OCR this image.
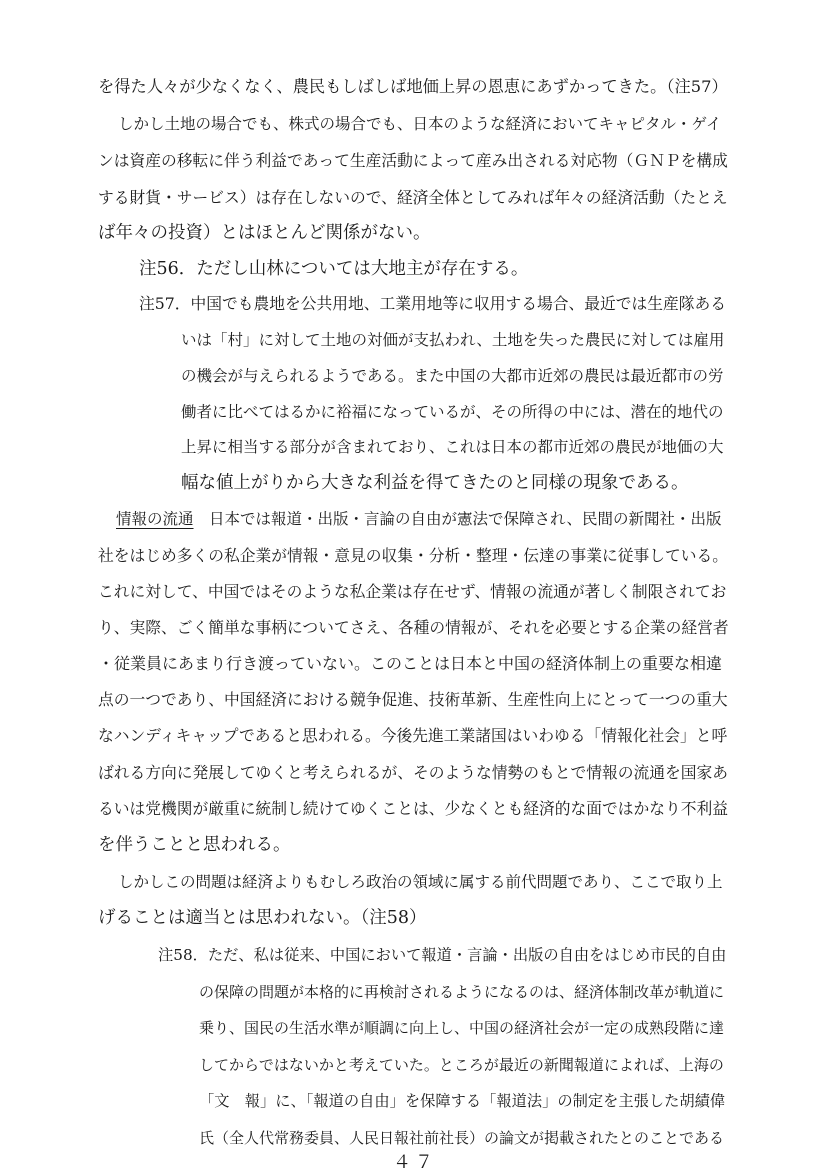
を得た人々が少なくなく、農民もしばしば地価上昇の恩恵にあずかってきた。（注57）
しかし土地の場合でも、株式の場合でも、日本のような経済においてキャピタル・ゲイ
ンは資産の移転に伴う利益であって生産活動によって産み出される対応物（ＧＮＰを構成
する財貨・サービス）は存在しないので、経済全体としてみれば年々の経済活動（たとえ
ば年々の投資）とはほとんど関係がない。
注56．ただし山林については大地主が存在する。
注57．中国でも農地を公共用地、工業用地等に収用する場合、最近では生産隊ある
いは「村」に対して土地の対価が支払われ、土地を失った農民に対しては雇用
の機会が与えられるようである。また中国の大都市近郊の農民は最近都市の労
働者に比べてはるかに裕福になっているが、その所得の中には、潜在的地代の
上昇に相当する部分が含まれており、これは日本の都市近郊の農民が地価の大
幅な値上がりから大きな利益を得てきたのと同様の現象である。
情報の流通　 日本では報道・出版・言論の自由が憲法で保障され、民間の新聞社・出版
社をはじめ多くの私企業が情報・意見の収集・分析・整理・伝達の事業に従事している。
これに対して、中国ではそのような私企業は存在せず、情報の流通が著しく制限されてお
り、実際、ごく簡単な事柄についてさえ、各種の情報が、それを必要とする企業の経営者
・従業員にあまり行き渡っていない。このことは日本と中国の経済体制上の重要な相違
点の一つであり、中国経済における競争促進、技術革新、生産性向上にとって一つの重大
なハンディキャップであると思われる。今後先進工業諸国はいわゆる「情報化社会」と呼
ばれる方向に発展してゆくと考えられるが、そのような情勢のもとで情報の流通を国家あ
るいは党機関が厳重に統制し続けてゆくことは、少なくとも経済的な面ではかなり不利益
を伴うことと思われる。
しかしこの問題は経済よりもむしろ政治の領域に属する前代問題であり、ここで取り上
げることは適当とは思われない。（注58）
注58．ただ、私は従来、中国において報道・言論・出版の自由をはじめ市民的自由
の保障の問題が本格的に再検討されるようになるのは、経済体制改革が軌道に
乗り、国民の生活水準が順調に向上し、中国の経済社会が一定の成熟段階に達
してからではないかと考えていた。ところが最近の新聞報道によれば、上海の
「文　報」に、「報道の自由」を保障する「報道法」の制定を主張した胡績偉
氏（全人代常務委員、人民日報社前社長）の論文が掲載されたとのことである
４７
